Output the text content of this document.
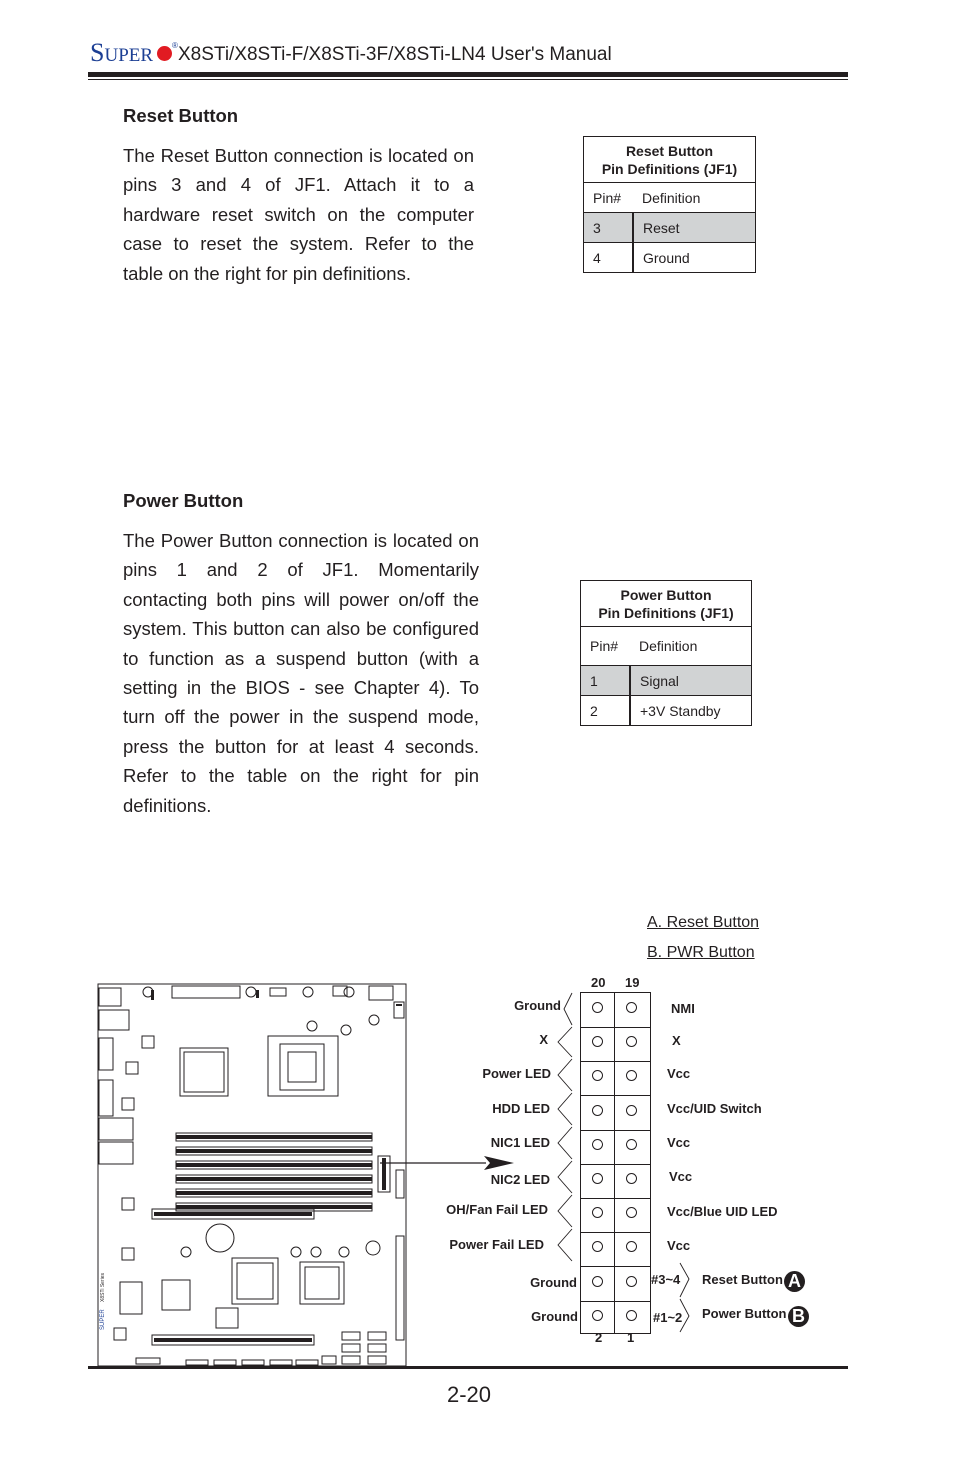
SUPER ® X8STi/X8STi-F/X8STi-3F/X8STi-LN4 User's Manual
Reset Button
The Reset Button connection is located on pins 3 and 4 of JF1. Attach it to a hardware reset switch on the computer case to reset the system. Refer to the table on the right for pin definitions.
Reset Button
Pin Definitions (JF1)	
Pin#	Definition
3	Reset
4	Ground
Power Button
The Power Button connection is located on pins 1 and 2 of JF1. Momentarily contacting both pins will power on/off the system. This button can also be configured to function as a suspend button (with a setting in the BIOS - see Chapter 4). To turn off the power in the suspend mode, press the button for at least 4 seconds. Refer to the table on the right for pin definitions.
Power Button
Pin Definitions (JF1)	
Pin#	Definition
1	Signal
2	+3V Standby
A. Reset Button
B. PWR Button
SUPER
X8STi Series
20 19
2 1
Ground
X
Power LED
HDD LED
NIC1 LED
NIC2 LED
OH/Fan Fail LED
Power Fail LED
Ground
Ground
NMI
X
Vcc
Vcc/UID Switch
Vcc
Vcc
Vcc/Blue UID LED
Vcc
#3~4
#1~2
Reset Button A
Power Button B
2-20
